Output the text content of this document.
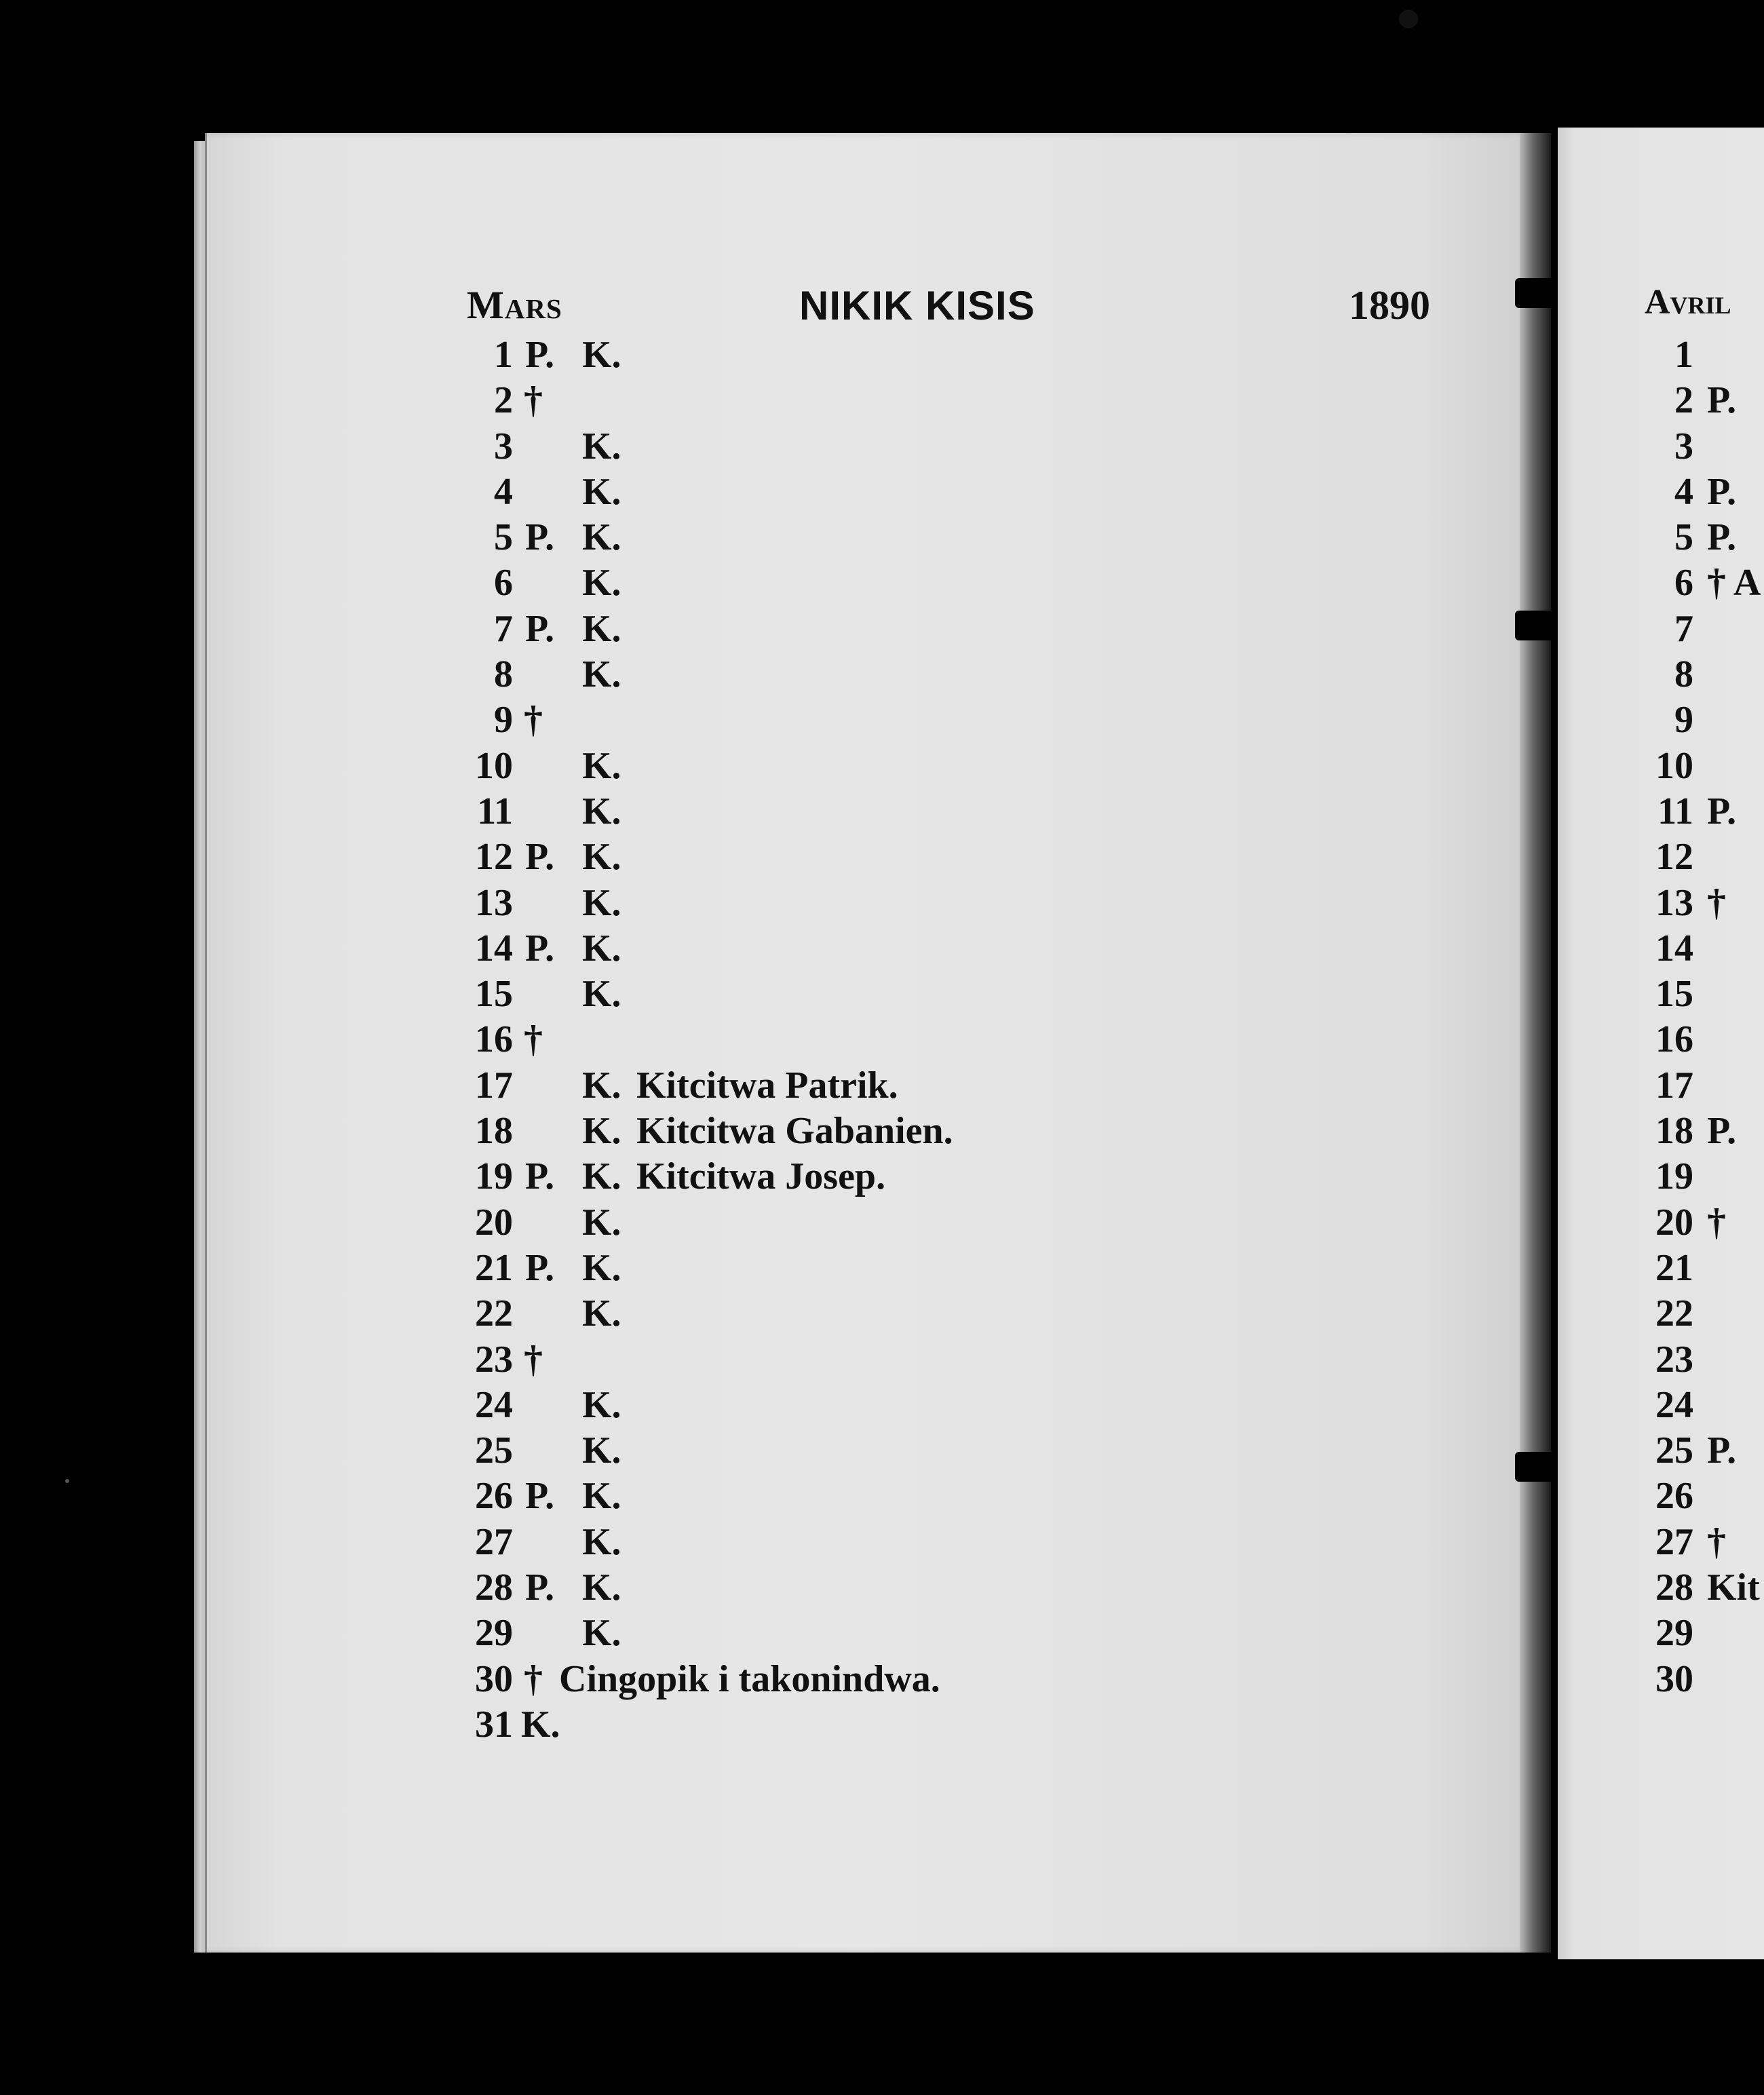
Mars	NIKIK KISIS	1890
1 P. K.
2 †
3 K.
4 K.
5 P. K.
6 K.
7 P. K.
8 K.
9 †
10 K.
11 K.
12 P. K.
13 K.
14 P. K.
15 K.
16 †
17 K. Kitcitwa Patrik.
18 K. Kitcitwa Gabanien.
19 P. K. Kitcitwa Josep.
20 K.
21 P. K.
22 K.
23 †
24 K.
25 K.
26 P. K.
27 K.
28 P. K.
29 K.
30 † Cingopik i takonindwa.
31 K.
Avril
1
2 P.
3
4 P.
5 P.
6 † A
7
8
9
10
11 P.
12
13 †
14
15
16
17
18 P.
19
20 †
21
22
23
24
25 P.
26
27 †
28 Kit
29
30
